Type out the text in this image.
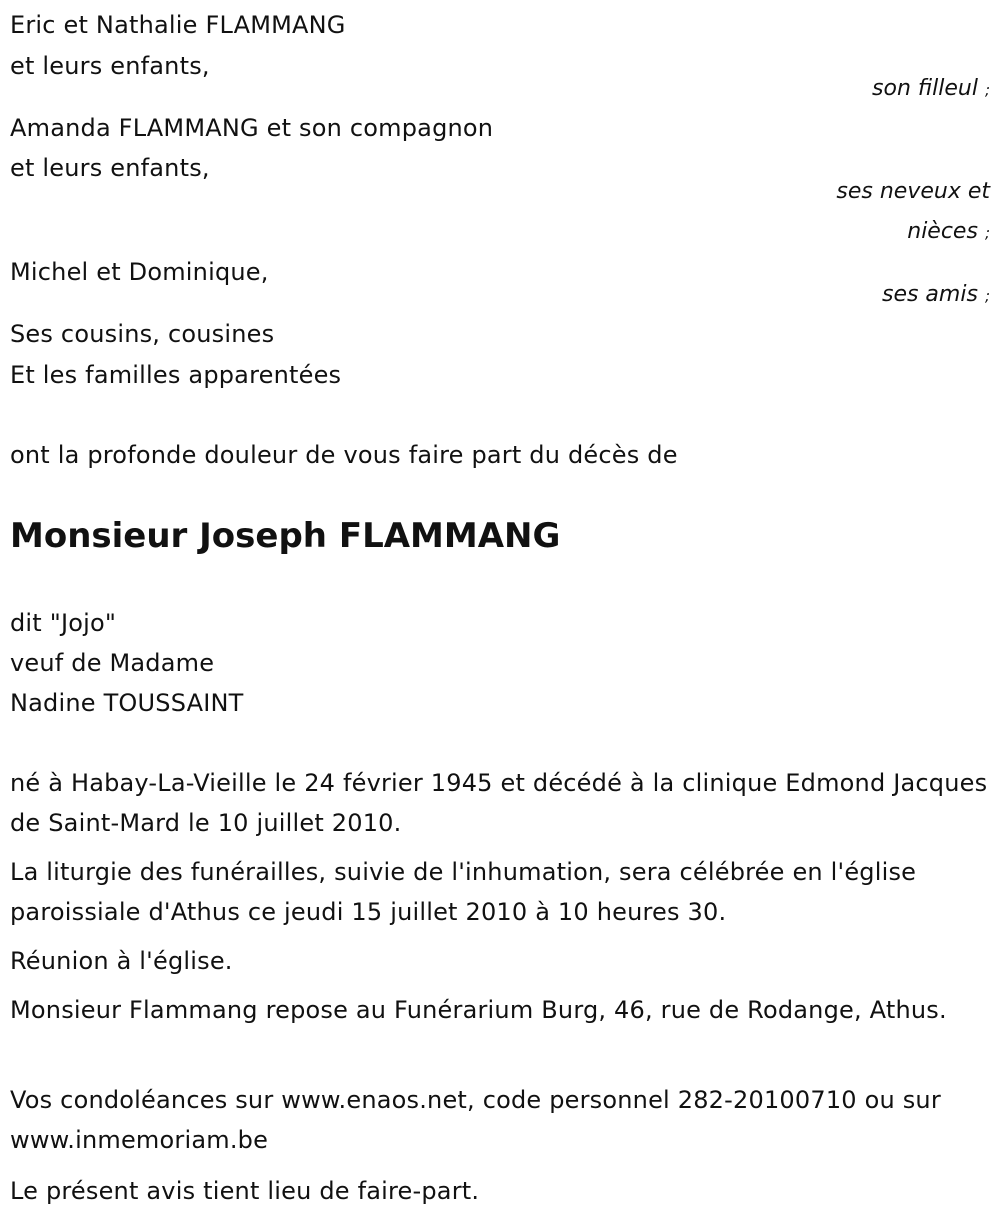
Eric et Nathalie FLAMMANG
et leurs enfants,
son filleul ;
Amanda FLAMMANG et son compagnon
et leurs enfants,
ses neveux et
nièces ;
Michel et Dominique,
ses amis ;
Ses cousins, cousines
Et les familles apparentées
ont la profonde douleur de vous faire part du décès de
Monsieur Joseph FLAMMANG
dit "Jojo"
veuf de Madame
Nadine TOUSSAINT
né à Habay-La-Vieille le 24 février 1945 et décédé à la clinique Edmond Jacques de Saint-Mard le 10 juillet 2010.
La liturgie des funérailles, suivie de l'inhumation, sera célébrée en l'église paroissiale d'Athus ce jeudi 15 juillet 2010 à 10 heures 30.
Réunion à l'église.
Monsieur Flammang repose au Funérarium Burg, 46, rue de Rodange, Athus.
Vos condoléances sur www.enaos.net, code personnel 282-20100710 ou sur www.inmemoriam.be
Le présent avis tient lieu de faire-part.
